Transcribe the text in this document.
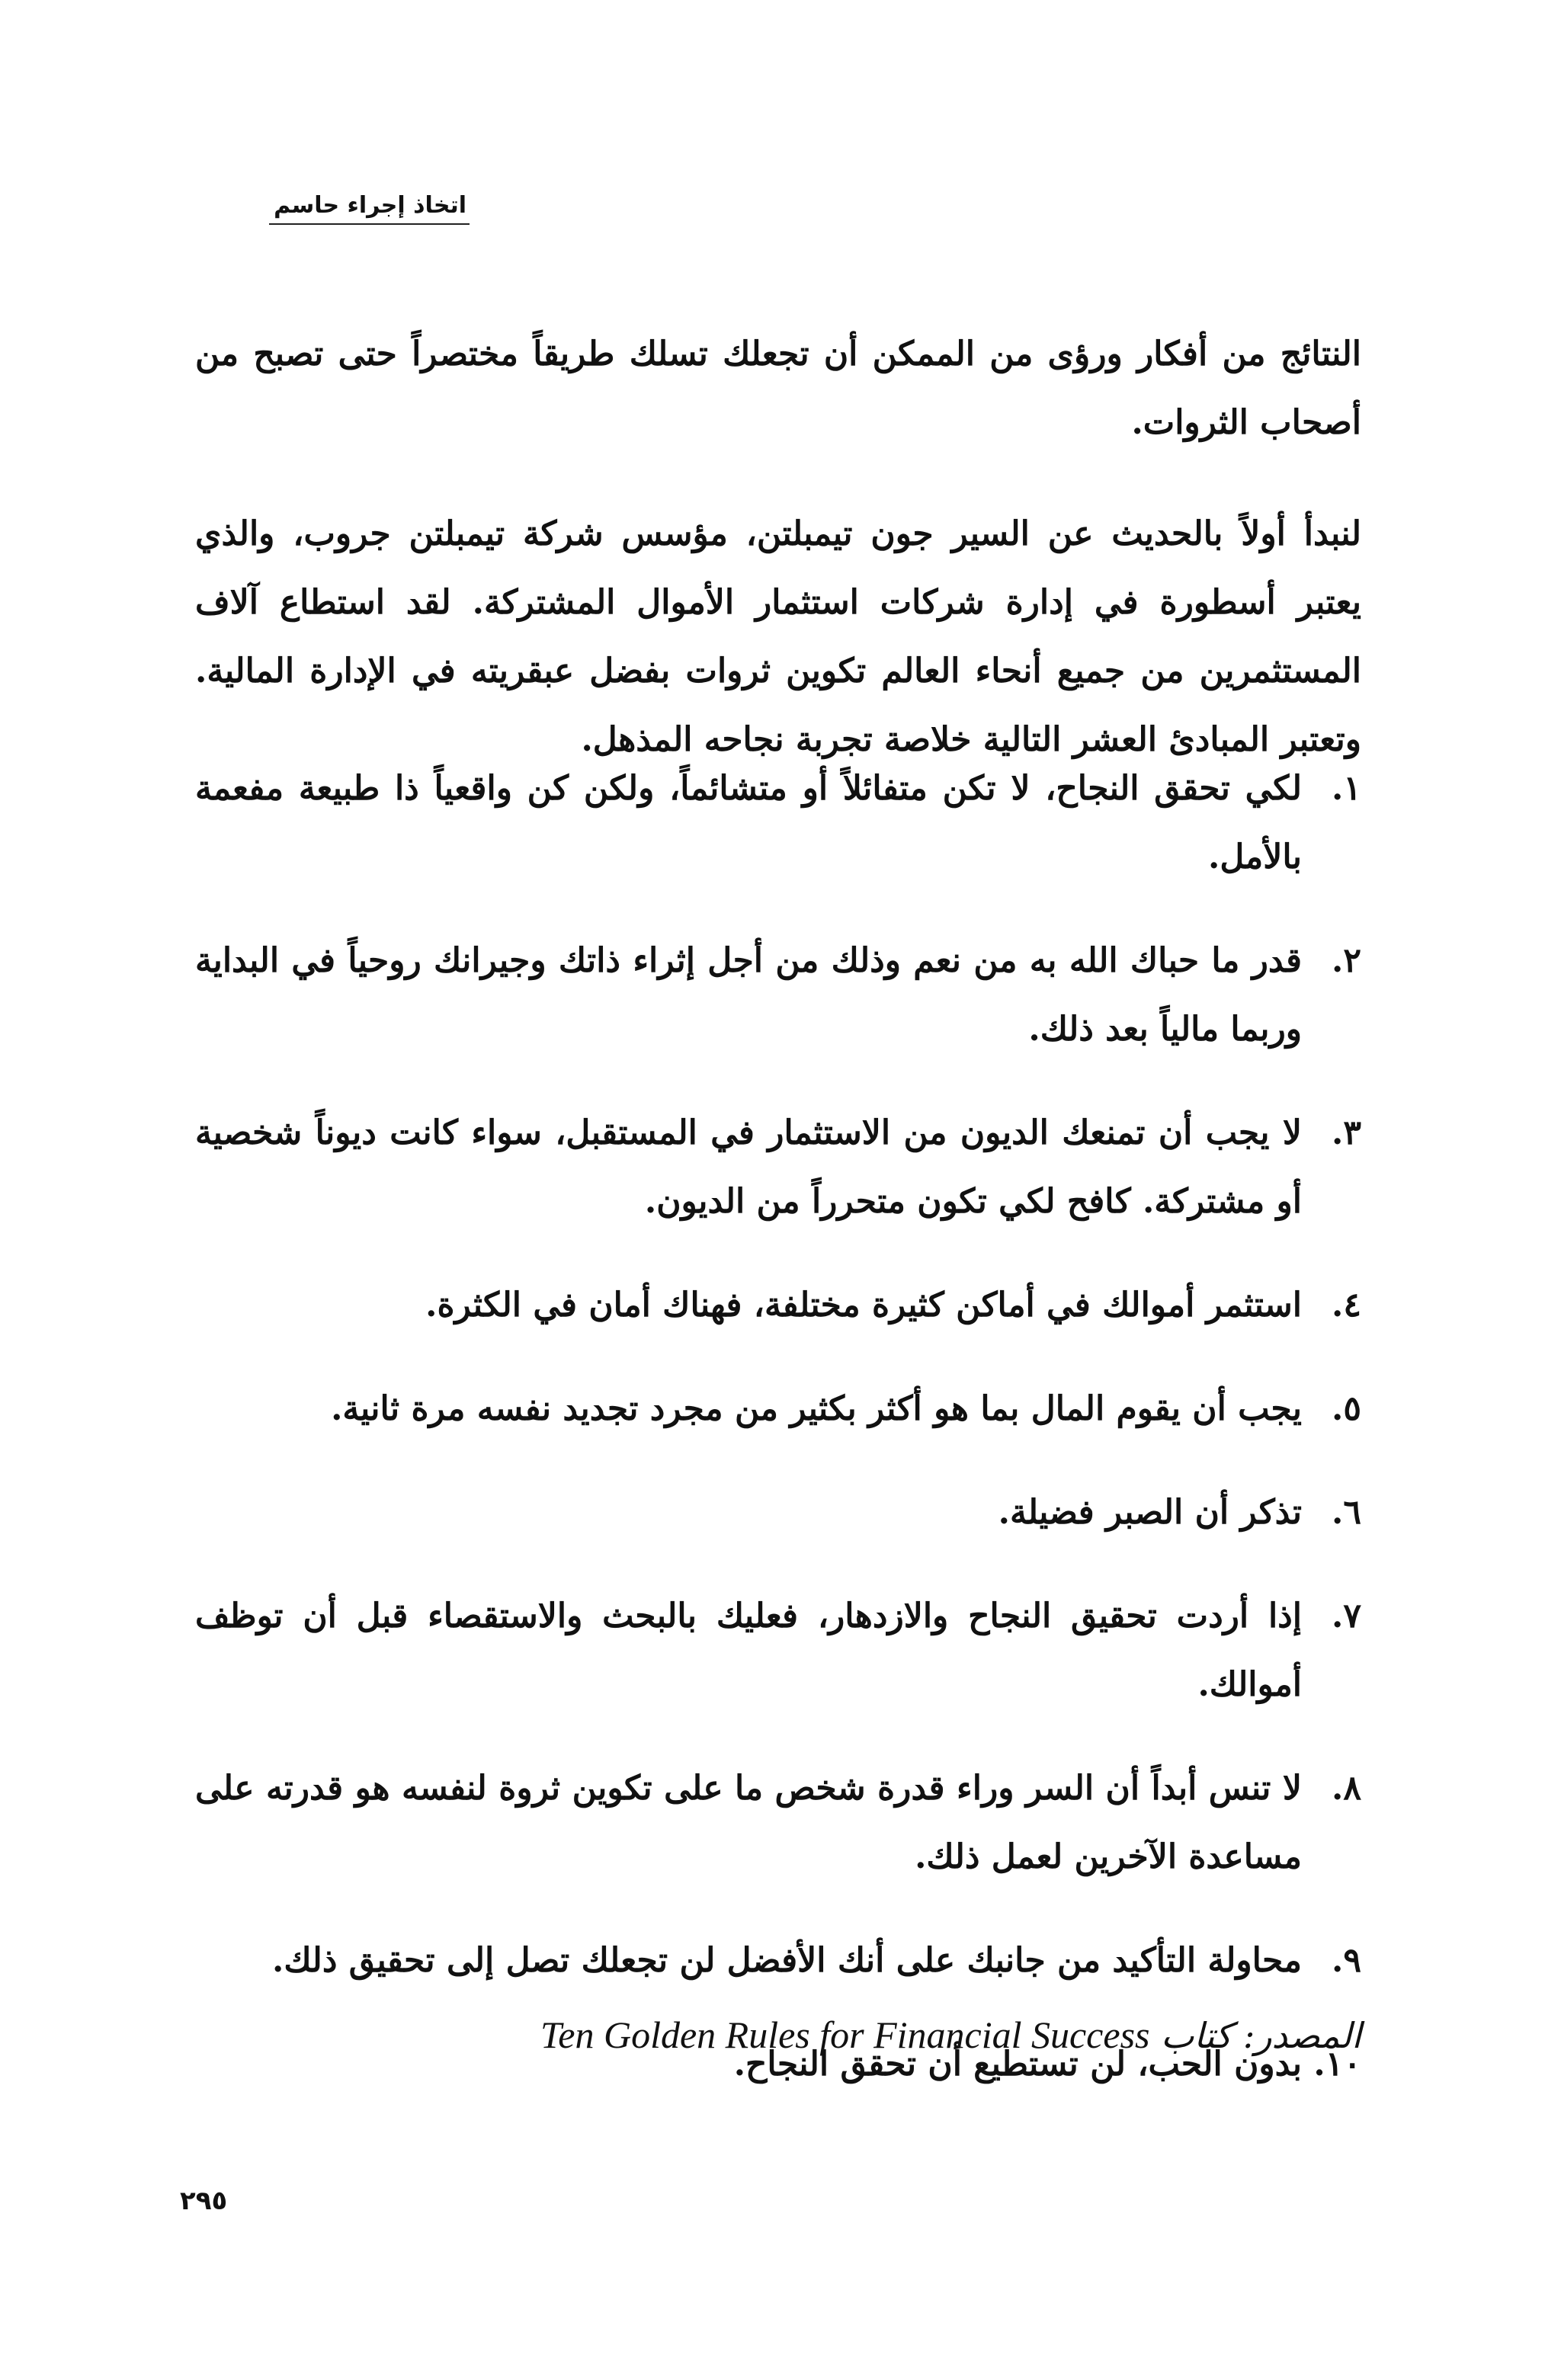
اتخاذ إجراء حاسم

النتائج من أفكار ورؤى من الممكن أن تجعلك تسلك طريقاً مختصراً حتى تصبح من أصحاب الثروات.

لنبدأ أولاً بالحديث عن السير جون تيمبلتن، مؤسس شركة تيمبلتن جروب، والذي يعتبر أسطورة في إدارة شركات استثمار الأموال المشتركة. لقد استطاع آلاف المستثمرين من جميع أنحاء العالم تكوين ثروات بفضل عبقريته في الإدارة المالية. وتعتبر المبادئ العشر التالية خلاصة تجربة نجاحه المذهل.

١.
لكي تحقق النجاح، لا تكن متفائلاً أو متشائماً، ولكن كن واقعياً ذا طبيعة مفعمة بالأمل.
٢.
قدر ما حباك الله به من نعم وذلك من أجل إثراء ذاتك وجيرانك روحياً في البداية وربما مالياً بعد ذلك.
٣.
لا يجب أن تمنعك الديون من الاستثمار في المستقبل، سواء كانت ديوناً شخصية أو مشتركة. كافح لكي تكون متحرراً من الديون.
٤.
استثمر أموالك في أماكن كثيرة مختلفة، فهناك أمان في الكثرة.
٥.
يجب أن يقوم المال بما هو أكثر بكثير من مجرد تجديد نفسه مرة ثانية.
٦.
تذكر أن الصبر فضيلة.
٧.
إذا أردت تحقيق النجاح والازدهار، فعليك بالبحث والاستقصاء قبل أن توظف أموالك.
٨.
لا تنس أبداً أن السر وراء قدرة شخص ما على تكوين ثروة لنفسه هو قدرته على مساعدة الآخرين لعمل ذلك.
٩.
محاولة التأكيد من جانبك على أنك الأفضل لن تجعلك تصل إلى تحقيق ذلك.
١٠.
بدون الحب، لن تستطيع أن تحقق النجاح.
المصدر: كتاب Ten Golden Rules for Financial Success
٢٩٥
